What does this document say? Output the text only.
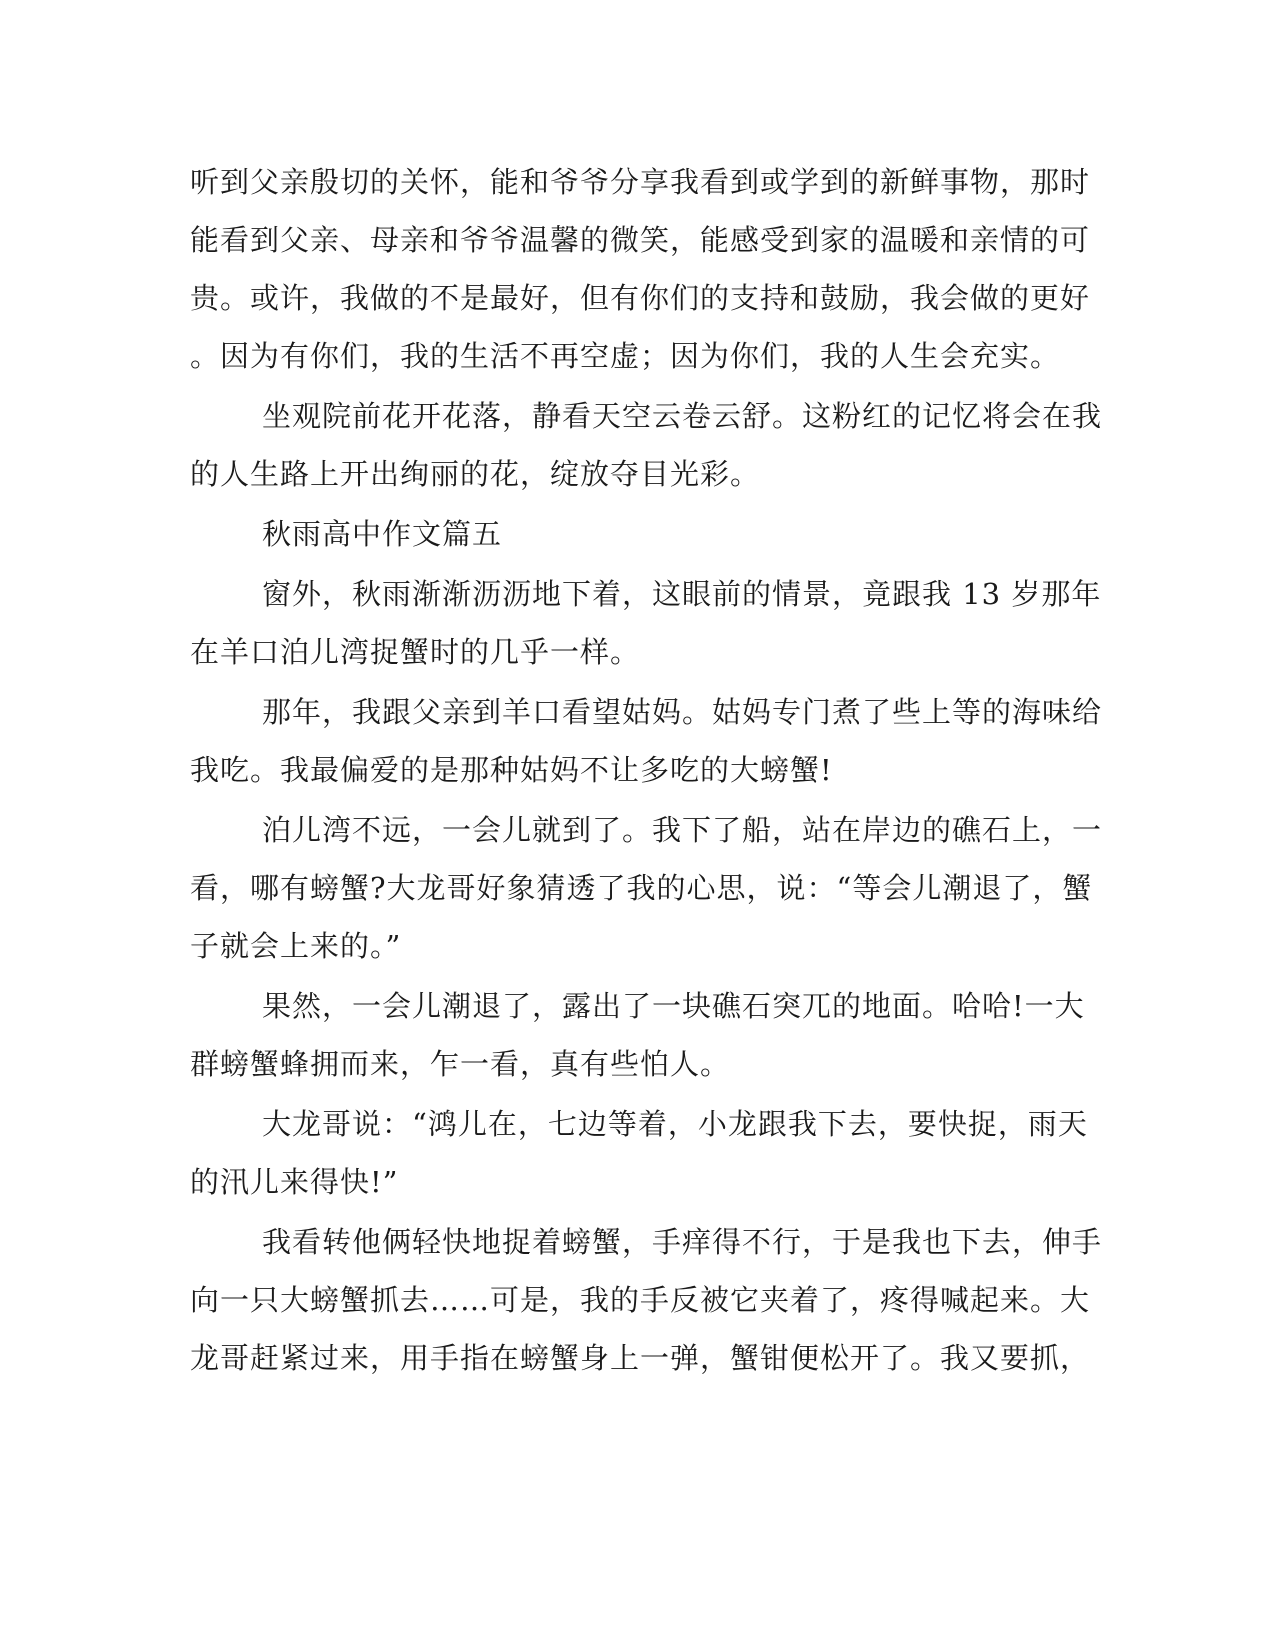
听到父亲殷切的关怀，能和爷爷分享我看到或学到的新鲜事物，那时
能看到父亲、母亲和爷爷温馨的微笑，能感受到家的温暖和亲情的可
贵。或许，我做的不是最好，但有你们的支持和鼓励，我会做的更好
。因为有你们，我的生活不再空虚；因为你们，我的人生会充实。
坐观院前花开花落，静看天空云卷云舒。这粉红的记忆将会在我
的人生路上开出绚丽的花，绽放夺目光彩。
秋雨高中作文篇五
窗外，秋雨渐渐沥沥地下着，这眼前的情景，竟跟我 13 岁那年
在羊口泊儿湾捉蟹时的几乎一样。
那年，我跟父亲到羊口看望姑妈。姑妈专门煮了些上等的海味给
我吃。我最偏爱的是那种姑妈不让多吃的大螃蟹!
泊儿湾不远，一会儿就到了。我下了船，站在岸边的礁石上，一
看，哪有螃蟹?大龙哥好象猜透了我的心思，说：“等会儿潮退了，蟹
子就会上来的。”
果然，一会儿潮退了，露出了一块礁石突兀的地面。哈哈!一大
群螃蟹蜂拥而来，乍一看，真有些怕人。
大龙哥说：“鸿儿在，七边等着，小龙跟我下去，要快捉，雨天
的汛儿来得快!”
我看转他俩轻快地捉着螃蟹，手痒得不行，于是我也下去，伸手
向一只大螃蟹抓去……可是，我的手反被它夹着了，疼得喊起来。大
龙哥赶紧过来，用手指在螃蟹身上一弹，蟹钳便松开了。我又要抓，
